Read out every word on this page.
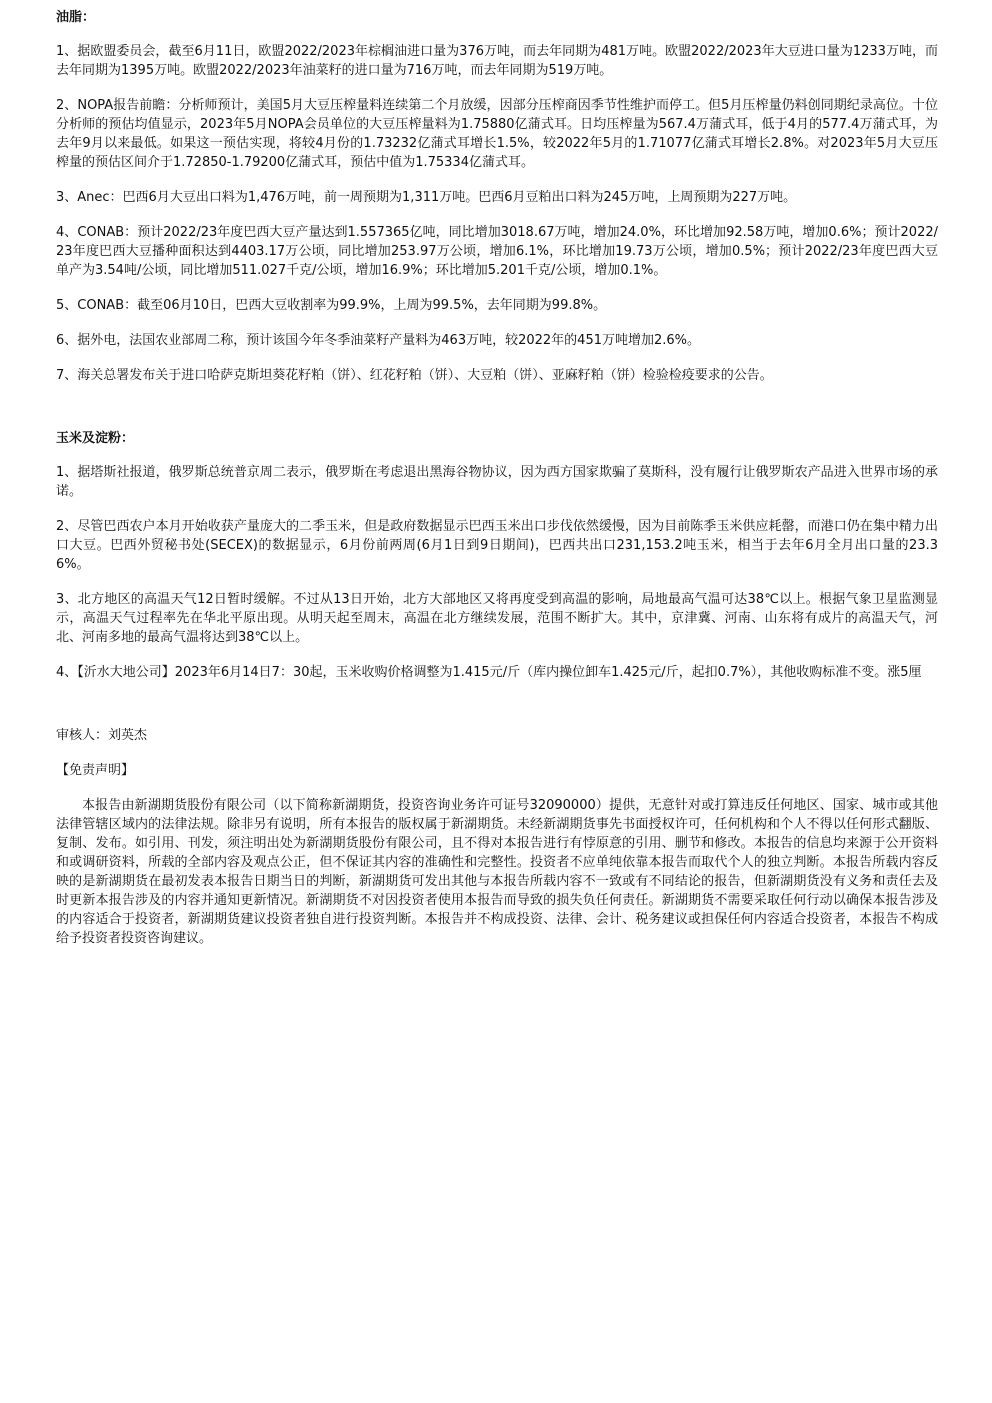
油脂：

1、据欧盟委员会，截至6月11日，欧盟2022/2023年棕榈油进口量为376万吨，而去年同期为481万吨。欧盟2022/2023年大豆进口量为1233万吨，而去年同期为1395万吨。欧盟2022/2023年油菜籽的进口量为716万吨，而去年同期为519万吨。

2、NOPA报告前瞻：分析师预计，美国5月大豆压榨量料连续第二个月放缓，因部分压榨商因季节性维护而停工。但5月压榨量仍料创同期纪录高位。十位分析师的预估均值显示，2023年5月NOPA会员单位的大豆压榨量料为1.75880亿蒲式耳。日均压榨量为567.4万蒲式耳，低于4月的577.4万蒲式耳，为去年9月以来最低。如果这一预估实现，将较4月份的1.73232亿蒲式耳增长1.5%，较2022年5月的1.71077亿蒲式耳增长2.8%。对2023年5月大豆压榨量的预估区间介于1.72850-1.79200亿蒲式耳，预估中值为1.75334亿蒲式耳。

3、Anec：巴西6月大豆出口料为1,476万吨，前一周预期为1,311万吨。巴西6月豆粕出口料为245万吨，上周预期为227万吨。

4、CONAB：预计2022/23年度巴西大豆产量达到1.557365亿吨，同比增加3018.67万吨，增加24.0%，环比增加92.58万吨，增加0.6%；预计2022/23年度巴西大豆播种面积达到4403.17万公顷，同比增加253.97万公顷，增加6.1%，环比增加19.73万公顷，增加0.5%；预计2022/23年度巴西大豆单产为3.54吨/公顷，同比增加511.027千克/公顷，增加16.9%；环比增加5.201千克/公顷，增加0.1%。

5、CONAB：截至06月10日，巴西大豆收割率为99.9%，上周为99.5%，去年同期为99.8%。

6、据外电，法国农业部周二称，预计该国今年冬季油菜籽产量料为463万吨，较2022年的451万吨增加2.6%。

7、海关总署发布关于进口哈萨克斯坦葵花籽粕（饼）、红花籽粕（饼）、大豆粕（饼）、亚麻籽粕（饼）检验检疫要求的公告。

玉米及淀粉：

1、据塔斯社报道，俄罗斯总统普京周二表示，俄罗斯在考虑退出黑海谷物协议，因为西方国家欺骗了莫斯科，没有履行让俄罗斯农产品进入世界市场的承诺。

2、尽管巴西农户本月开始收获产量庞大的二季玉米，但是政府数据显示巴西玉米出口步伐依然缓慢，因为目前陈季玉米供应耗罄，而港口仍在集中精力出口大豆。巴西外贸秘书处(SECEX)的数据显示，6月份前两周(6月1日到9日期间)，巴西共出口231,153.2吨玉米，相当于去年6月全月出口量的23.36%。

3、北方地区的高温天气12日暂时缓解。不过从13日开始，北方大部地区又将再度受到高温的影响，局地最高气温可达38℃以上。根据气象卫星监测显示，高温天气过程率先在华北平原出现。从明天起至周末，高温在北方继续发展，范围不断扩大。其中，京津冀、河南、山东将有成片的高温天气，河北、河南多地的最高气温将达到38℃以上。

4、【沂水大地公司】2023年6月14日7：30起，玉米收购价格调整为1.415元/斤（库内操位卸车1.425元/斤，起扣0.7%），其他收购标准不变。涨5厘

审核人：刘英杰

【免责声明】

本报告由新湖期货股份有限公司（以下简称新湖期货，投资咨询业务许可证号32090000）提供，无意针对或打算违反任何地区、国家、城市或其他法律管辖区域内的法律法规。除非另有说明，所有本报告的版权属于新湖期货。未经新湖期货事先书面授权许可，任何机构和个人不得以任何形式翻版、复制、发布。如引用、刊发，须注明出处为新湖期货股份有限公司，且不得对本报告进行有悖原意的引用、删节和修改。本报告的信息均来源于公开资料和或调研资料，所载的全部内容及观点公正，但不保证其内容的准确性和完整性。投资者不应单纯依靠本报告而取代个人的独立判断。本报告所载内容反映的是新湖期货在最初发表本报告日期当日的判断，新湖期货可发出其他与本报告所载内容不一致或有不同结论的报告，但新湖期货没有义务和责任去及时更新本报告涉及的内容并通知更新情况。新湖期货不对因投资者使用本报告而导致的损失负任何责任。新湖期货不需要采取任何行动以确保本报告涉及的内容适合于投资者，新湖期货建议投资者独自进行投资判断。本报告并不构成投资、法律、会计、税务建议或担保任何内容适合投资者，本报告不构成给予投资者投资咨询建议。
